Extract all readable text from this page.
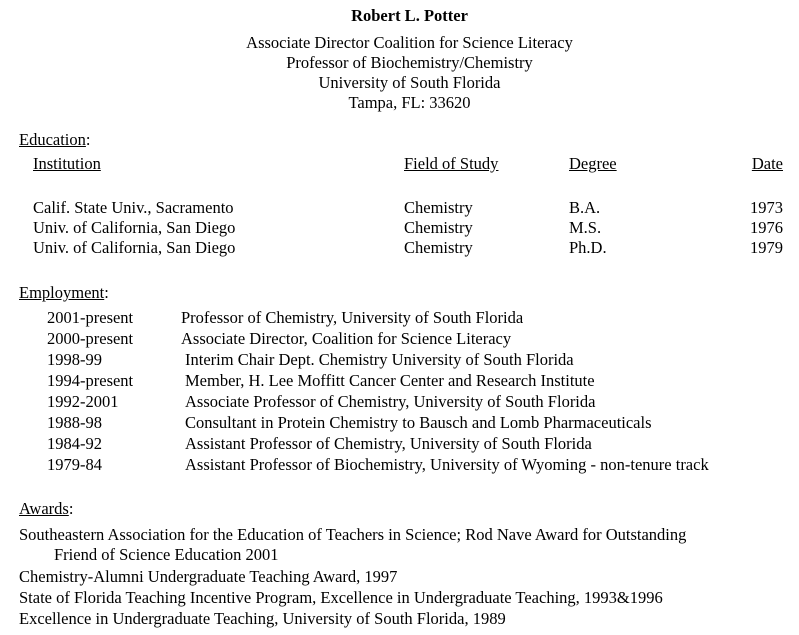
Robert L. Potter
Associate Director Coalition for Science Literacy
Professor of Biochemistry/Chemistry
University of South Florida
Tampa, FL: 33620
Education:
Institution	Field of Study	Degree	Date
Calif. State Univ., Sacramento	Chemistry	B.A.	1973
Univ. of California, San Diego	Chemistry	M.S.	1976
Univ. of California, San Diego	Chemistry	Ph.D.	1979
Employment:
2001-present	Professor of Chemistry, University of South Florida
2000-present	Associate Director, Coalition for Science Literacy
1998-99	Interim Chair Dept. Chemistry University of South Florida
1994-present	Member, H. Lee Moffitt Cancer Center and Research Institute
1992-2001	Associate Professor of Chemistry, University of South Florida
1988-98	Consultant in Protein Chemistry to Bausch and Lomb Pharmaceuticals
1984-92	Assistant Professor of Chemistry, University of South Florida
1979-84	Assistant Professor of Biochemistry, University of Wyoming - non-tenure track
Awards:
Southeastern Association for the Education of Teachers in Science; Rod Nave Award for Outstanding
Friend of Science Education 2001
Chemistry-Alumni Undergraduate Teaching Award, 1997
State of Florida Teaching Incentive Program, Excellence in Undergraduate Teaching, 1993&1996
Excellence in Undergraduate Teaching, University of South Florida, 1989
